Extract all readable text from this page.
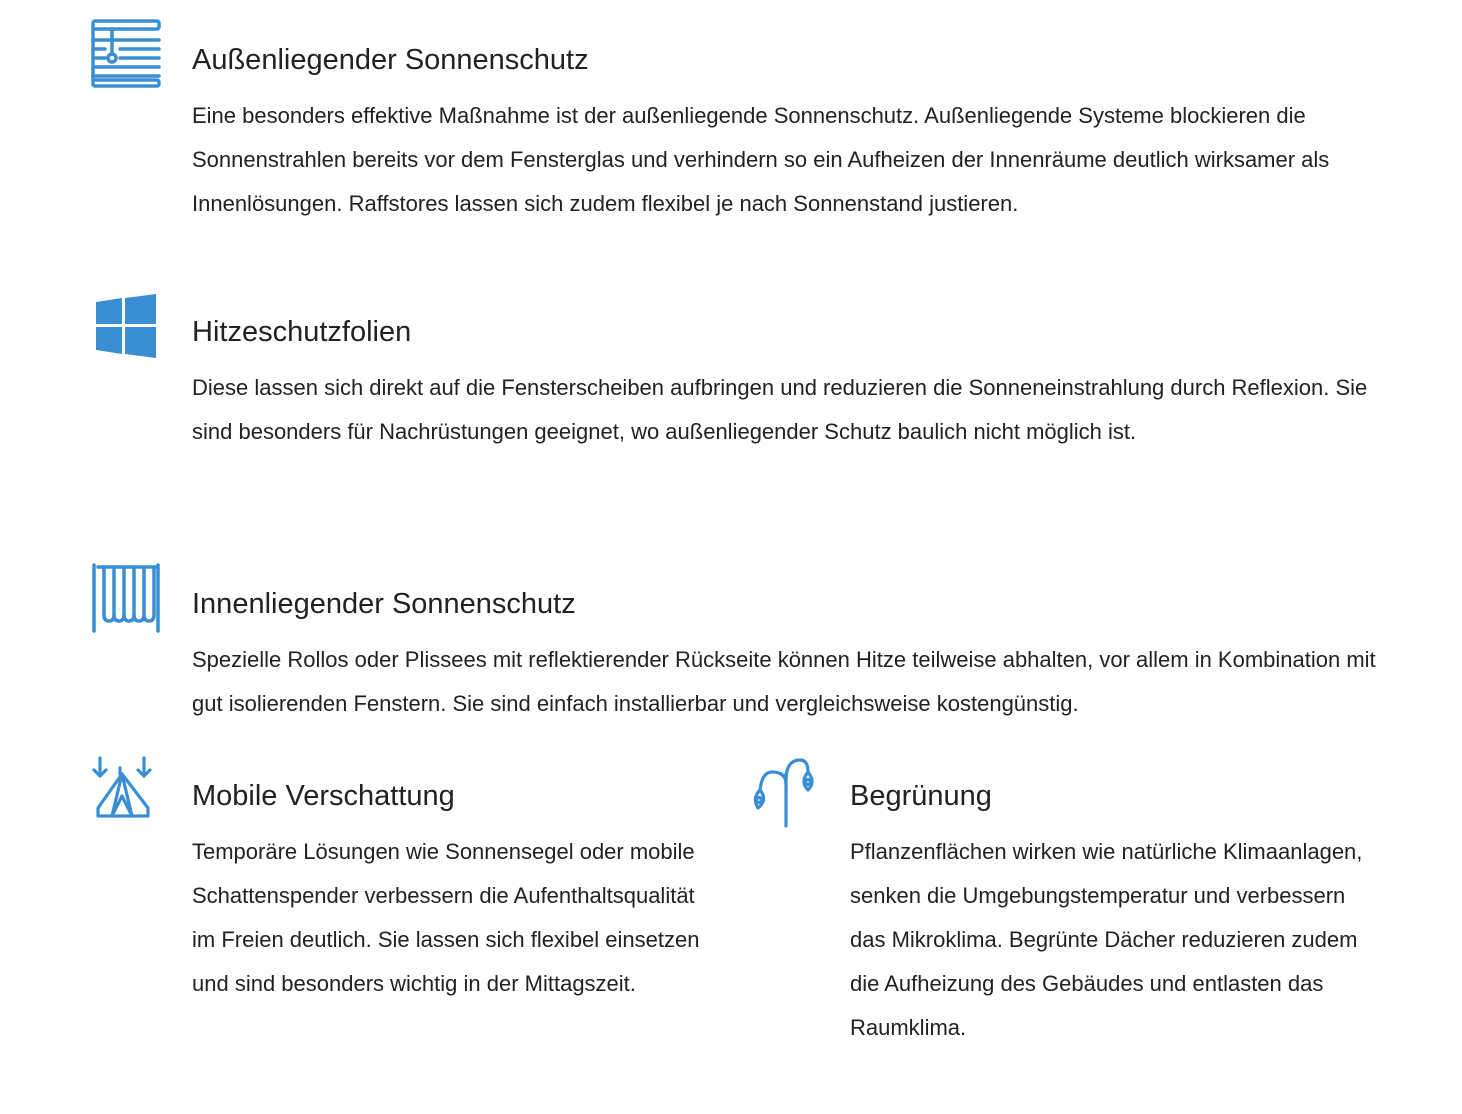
Außenliegender Sonnenschutz

Eine besonders effektive Maßnahme ist der außenliegende Sonnenschutz. Außenliegende Systeme blockieren die Sonnenstrahlen bereits vor dem Fensterglas und verhindern so ein Aufheizen der Innenräume deutlich wirksamer als Innenlösungen. Raffstores lassen sich zudem flexibel je nach Sonnenstand justieren.

Hitzeschutzfolien

Diese lassen sich direkt auf die Fensterscheiben aufbringen und reduzieren die Sonneneinstrahlung durch Reflexion. Sie sind besonders für Nachrüstungen geeignet, wo außenliegender Schutz baulich nicht möglich ist.

Innenliegender Sonnenschutz

Spezielle Rollos oder Plissees mit reflektierender Rückseite können Hitze teilweise abhalten, vor allem in Kombination mit gut isolierenden Fenstern. Sie sind einfach installierbar und vergleichsweise kostengünstig.

Mobile Verschattung

Temporäre Lösungen wie Sonnensegel oder mobile Schattenspender verbessern die Aufenthaltsqualität im Freien deutlich. Sie lassen sich flexibel einsetzen und sind besonders wichtig in der Mittagszeit.

Begrünung

Pflanzenflächen wirken wie natürliche Klimaanlagen, senken die Umgebungstemperatur und verbessern das Mikroklima. Begrünte Dächer reduzieren zudem die Aufheizung des Gebäudes und entlasten das Raumklima.
